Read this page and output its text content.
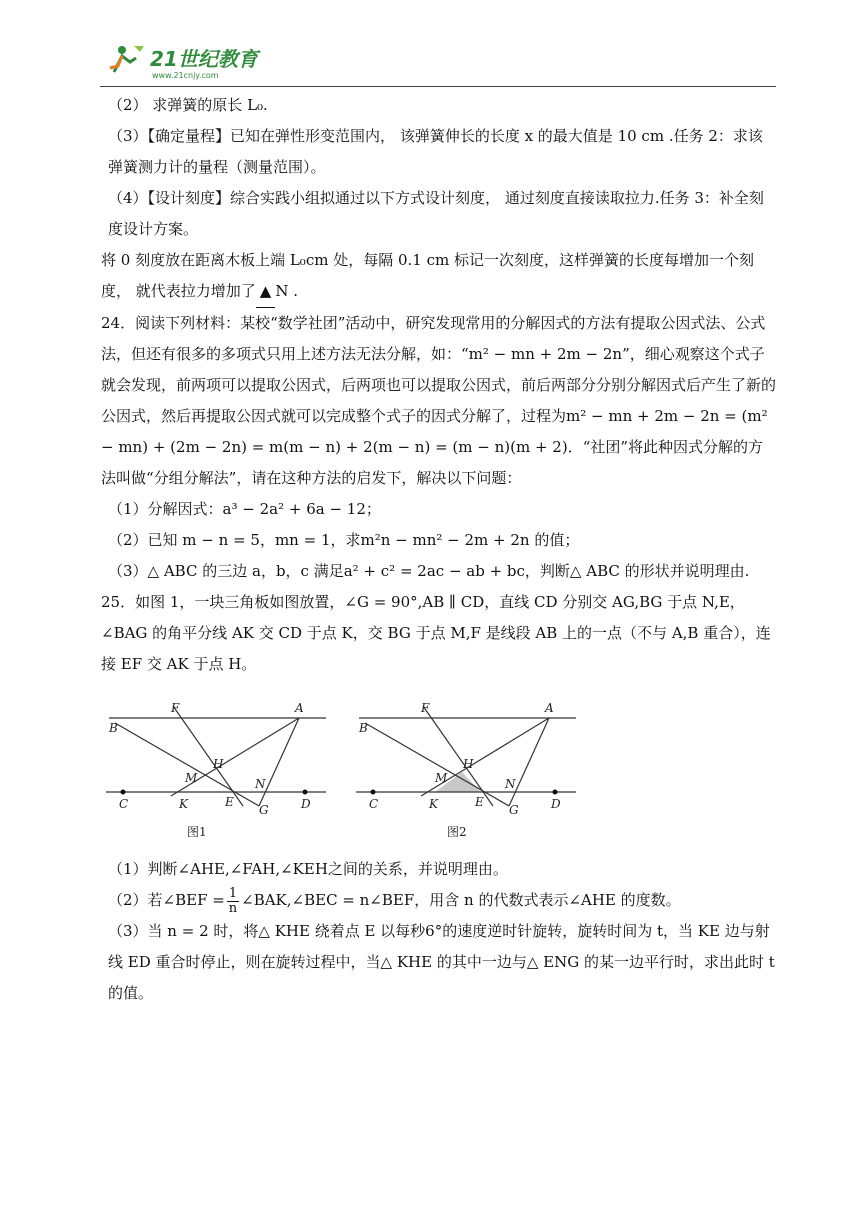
21世纪教育
www.21cnjy.com

（2） 求弹簧的原长 L₀.

（3）【确定量程】已知在弹性形变范围内， 该弹簧伸长的长度 x 的最大值是 10 cm .任务 2：求该弹簧测力计的量程（测量范围）。

（4）【设计刻度】综合实践小组拟通过以下方式设计刻度， 通过刻度直接读取拉力.任务 3：补全刻度设计方案。

将 0 刻度放在距离木板上端 L₀cm 处，每隔 0.1 cm 标记一次刻度，这样弹簧的长度每增加一个刻度， 就代表拉力增加了 ▲ N .

24．阅读下列材料：某校“数学社团”活动中，研究发现常用的分解因式的方法有提取公因式法、公式法，但还有很多的多项式只用上述方法无法分解，如：“m² − mn + 2m − 2n”，细心观察这个式子就会发现，前两项可以提取公因式，后两项也可以提取公因式，前后两部分分别分解因式后产生了新的公因式，然后再提取公因式就可以完成整个式子的因式分解了，过程为m² − mn + 2m − 2n = (m² − mn) + (2m − 2n) = m(m − n) + 2(m − n) = (m − n)(m + 2)．“社团”将此种因式分解的方法叫做“分组分解法”，请在这种方法的启发下，解决以下问题：

（1）分解因式：a³ − 2a² + 6a − 12；

（2）已知 m − n = 5，mn = 1，求m²n − mn² − 2m + 2n 的值；

（3）△ ABC 的三边 a，b，c 满足a² + c² = 2ac − ab + bc，判断△ ABC 的形状并说明理由.

25．如图 1，一块三角板如图放置，∠G = 90°,AB ∥ CD，直线 CD 分别交 AG,BG 于点 N,E，∠BAG 的角平分线 AK 交 CD 于点 K，交 BG 于点 M,F 是线段 AB 上的一点（不与 A,B 重合），连接 EF 交 AK 于点 H。

B
F	A
H
M	N
C	K	E
G	D
图1
B
F	A
H
M	N
C	K	E
G	D
图2

（1）判断∠AHE,∠FAH,∠KEH之间的关系，并说明理由。

（2）若∠BEF = $\frac{1}{n}$ ∠BAK,∠BEC = n∠BEF，用含 n 的代数式表示∠AHE 的度数。

（3）当 n = 2 时，将△ KHE 绕着点 E 以每秒6°的速度逆时针旋转，旋转时间为 t，当 KE 边与射线 ED 重合时停止，则在旋转过程中，当△ KHE 的其中一边与△ ENG 的某一边平行时，求出此时 t 的值。
